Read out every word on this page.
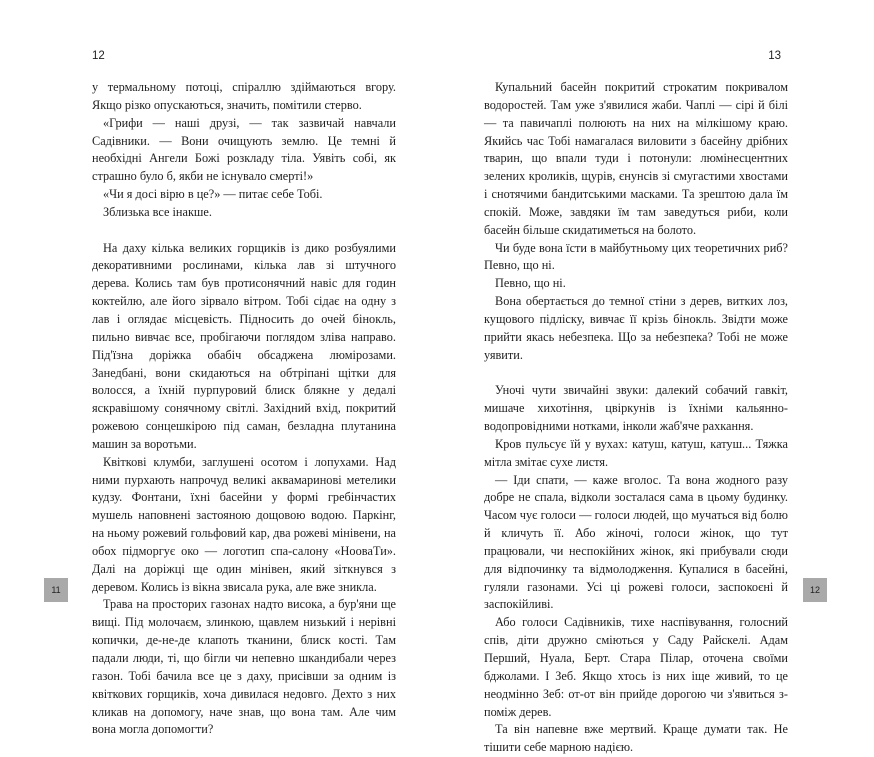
12

у термальному потоці, спіраллю здіймаються вгору. Якщо різко опускаються, значить, помітили стерво.

«Грифи — наші друзі, — так зазвичай навчали Садівники. — Вони очищують землю. Це темні й необхідні Ангели Божі розкладу тіла. Уявіть собі, як страшно було б, якби не існувало смерті!»

«Чи я досі вірю в це?» — питає себе Тобі.

Зблизька все інакше.

На даху кілька великих горщиків із дико розбуялими декоративними рослинами, кілька лав зі штучного дерева. Колись там був протисонячний навіс для годин коктейлю, але його зірвало вітром. Тобі сідає на одну з лав і оглядає місцевість. Підносить до очей бінокль, пильно вивчає все, пробігаючи поглядом зліва направо. Під'їзна доріжка обабіч обсаджена люмірозами. Занедбані, вони скидаються на обтріпані щітки для волосся, а їхній пурпуровий блиск блякне у дедалі яскравішому сонячному світлі. Західний вхід, покритий рожевою сонцешкірою під саман, безладна плутанина машин за воротьми.

Квіткові клумби, заглушені осотом і лопухами. Над ними пурхають напрочуд великі аквамаринові метелики кудзу. Фонтани, їхні басейни у формі гребінчастих мушель наповнені застояною дощовою водою. Паркінг, на ньому рожевий гольфовий кар, два рожеві мінівени, на обох підморгує око — логотип спа-салону «НоовaТи». Далі на доріжці ще один мінівен, який зіткнувся з деревом. Колись із вікна звисала рука, але вже зникла.

Трава на просторих газонах надто висока, а бур'яни ще вищі. Під молочаєм, злинкою, щавлем низький і нерівні копички, де-не-де клапоть тканини, блиск кості. Там падали люди, ті, що бігли чи непевно шкандибали через газон. Тобі бачила все це з даху, присівши за одним із квіткових горщиків, хоча дивилася недовго. Дехто з них кликав на допомогу, наче знав, що вона там. Але чим вона могла допомогти?

11
13

Купальний басейн покритий строкатим покривалом водоростей. Там уже з'явилися жаби. Чаплі — сірі й білі — та павичаплі полюють на них на мілкішому краю. Якийсь час Тобі намагалася виловити з басейну дрібних тварин, що впали туди і потонули: люмінесцентних зелених кроликів, щурів, єнунсів зі смугастими хвостами і снотячими бандитськими масками. Та зрештою дала їм спокій. Може, завдяки їм там заведуться риби, коли басейн більше скидатиметься на болото.

Чи буде вона їсти в майбутньому цих теоретичних риб? Певно, що ні.

Певно, що ні.

Вона обертається до темної стіни з дерев, витких лоз, кущового підліску, вивчає її крізь бінокль. Звідти може прийти якась небезпека. Що за небезпека? Тобі не може уявити.

Уночі чути звичайні звуки: далекий собачий гавкіт, мишаче хихотіння, цвіркунів із їхніми кальянно-водопровідними нотками, інколи жаб'яче рахкання.

Кров пульсує їй у вухах: катуш, катуш, катуш... Тяжка мітла змітає сухе листя.

— Іди спати, — каже вголос. Та вона жодного разу добре не спала, відколи зосталася сама в цьому будинку. Часом чує голоси — голоси людей, що мучаться від болю й кличуть її. Або жіночі, голоси жінок, що тут працювали, чи неспокійних жінок, які прибували сюди для відпочинку та відмолодження. Купалися в басейні, гуляли газонами. Усі ці рожеві голоси, заспокоєні й заспокійливі.

Або голоси Садівників, тихе наспівування, голосний спів, діти дружно сміються у Саду Райскелі. Адам Перший, Нуала, Берт. Стара Пілар, оточена своїми бджолами. І Зеб. Якщо хтось із них іще живий, то це неодмінно Зеб: от-от він прийде дорогою чи з'явиться з-поміж дерев.

Та він напевне вже мертвий. Краще думати так. Не тішити себе марною надією.

12
